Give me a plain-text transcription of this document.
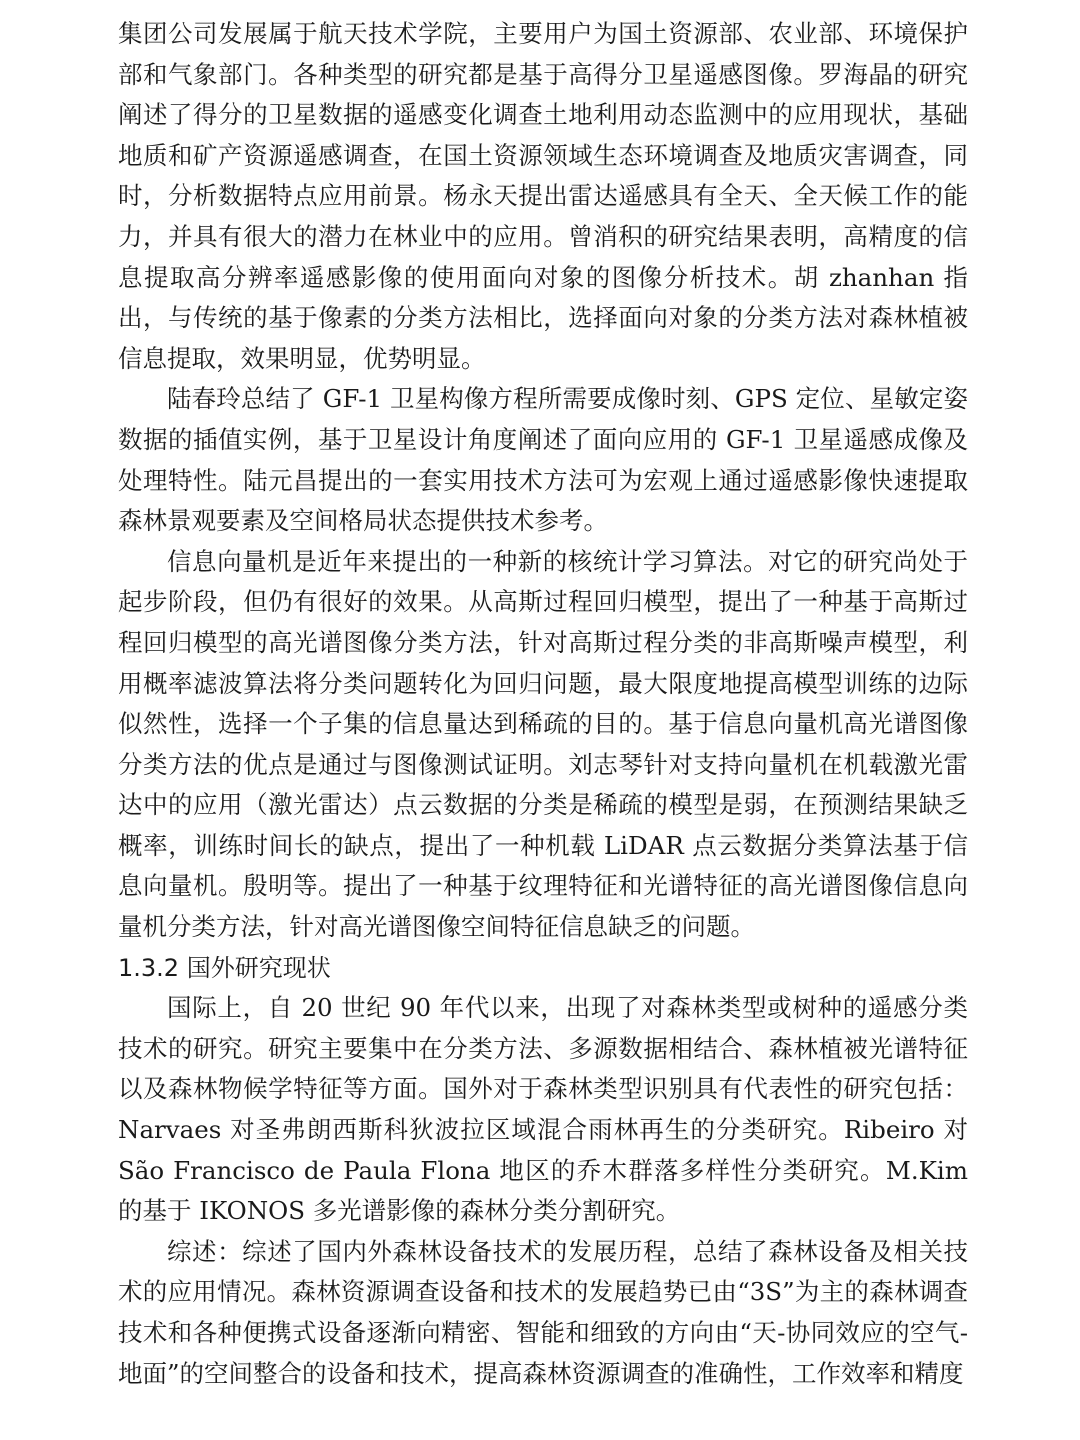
集团公司发展属于航天技术学院，主要用户为国土资源部、农业部、环境保护部和气象部门。各种类型的研究都是基于高得分卫星遥感图像。罗海晶的研究阐述了得分的卫星数据的遥感变化调查土地利用动态监测中的应用现状，基础地质和矿产资源遥感调查，在国土资源领域生态环境调查及地质灾害调查，同时，分析数据特点应用前景。杨永天提出雷达遥感具有全天、全天候工作的能力，并具有很大的潜力在林业中的应用。曾消积的研究结果表明，高精度的信息提取高分辨率遥感影像的使用面向对象的图像分析技术。胡 zhanhan 指出，与传统的基于像素的分类方法相比，选择面向对象的分类方法对森林植被信息提取，效果明显，优势明显。

陆春玲总结了 GF-1 卫星构像方程所需要成像时刻、GPS 定位、星敏定姿数据的插值实例，基于卫星设计角度阐述了面向应用的 GF-1 卫星遥感成像及处理特性。陆元昌提出的一套实用技术方法可为宏观上通过遥感影像快速提取森林景观要素及空间格局状态提供技术参考。

信息向量机是近年来提出的一种新的核统计学习算法。对它的研究尚处于起步阶段，但仍有很好的效果。从高斯过程回归模型，提出了一种基于高斯过程回归模型的高光谱图像分类方法，针对高斯过程分类的非高斯噪声模型，利用概率滤波算法将分类问题转化为回归问题，最大限度地提高模型训练的边际似然性，选择一个子集的信息量达到稀疏的目的。基于信息向量机高光谱图像分类方法的优点是通过与图像测试证明。刘志琴针对支持向量机在机载激光雷达中的应用（激光雷达）点云数据的分类是稀疏的模型是弱，在预测结果缺乏概率，训练时间长的缺点，提出了一种机载 LiDAR 点云数据分类算法基于信息向量机。殷明等。提出了一种基于纹理特征和光谱特征的高光谱图像信息向量机分类方法，针对高光谱图像空间特征信息缺乏的问题。

1.3.2 国外研究现状

国际上，自 20 世纪 90 年代以来，出现了对森林类型或树种的遥感分类技术的研究。研究主要集中在分类方法、多源数据相结合、森林植被光谱特征以及森林物候学特征等方面。国外对于森林类型识别具有代表性的研究包括：Narvaes 对圣弗朗西斯科狄波拉区域混合雨林再生的分类研究。Ribeiro 对 São Francisco de Paula Flona 地区的乔木群落多样性分类研究。M.Kim 的基于 IKONOS 多光谱影像的森林分类分割研究。

综述：综述了国内外森林设备技术的发展历程，总结了森林设备及相关技术的应用情况。森林资源调查设备和技术的发展趋势已由“3S”为主的森林调查技术和各种便携式设备逐渐向精密、智能和细致的方向由“天-协同效应的空气-地面”的空间整合的设备和技术，提高森林资源调查的准确性，工作效率和精度
